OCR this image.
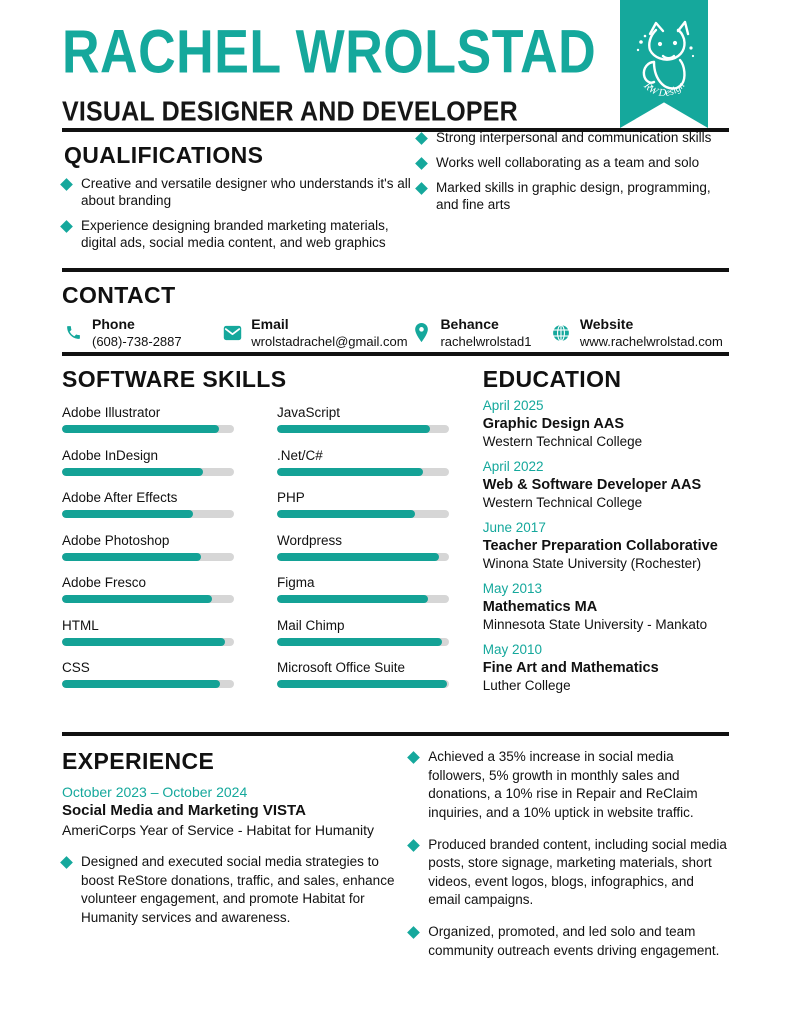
RACHEL WROLSTAD
VISUAL DESIGNER AND DEVELOPER
RW Design
QUALIFICATIONS
Creative and versatile designer who understands it's all about branding
Experience designing branded marketing materials, digital ads, social media content, and web graphics
Strong interpersonal and communication skills
Works well collaborating as a team and solo
Marked skills in graphic design, programming, and fine arts
CONTACT
Phone
(608)-738-2887
Email
wrolstadrachel@gmail.com
Behance
rachelwrolstad1
Website
www.rachelwrolstad.com
SOFTWARE SKILLS
Adobe Illustrator
Adobe InDesign
Adobe After Effects
Adobe Photoshop
Adobe Fresco
HTML
CSS
JavaScript
.Net/C#
PHP
Wordpress
Figma
Mail Chimp
Microsoft Office Suite
EDUCATION
April 2025
Graphic Design AAS
Western Technical College
April 2022
Web & Software Developer AAS
Western Technical College
June 2017
Teacher Preparation Collaborative
Winona State University (Rochester)
May 2013
Mathematics MA
Minnesota State University - Mankato
May 2010
Fine Art and Mathematics
Luther College
EXPERIENCE
October 2023 – October 2024
Social Media and Marketing VISTA
AmeriCorps Year of Service - Habitat for Humanity
Designed and executed social media strategies to boost ReStore donations, traffic, and sales, enhance volunteer engagement, and promote Habitat for Humanity services and awareness.
Achieved a 35% increase in social media followers, 5% growth in monthly sales and donations, a 10% rise in Repair and ReClaim inquiries, and a 10% uptick in website traffic.
Produced branded content, including social media posts, store signage, marketing materials, short videos, event logos, blogs, infographics, and email campaigns.
Organized, promoted, and led solo and team community outreach events driving engagement.
